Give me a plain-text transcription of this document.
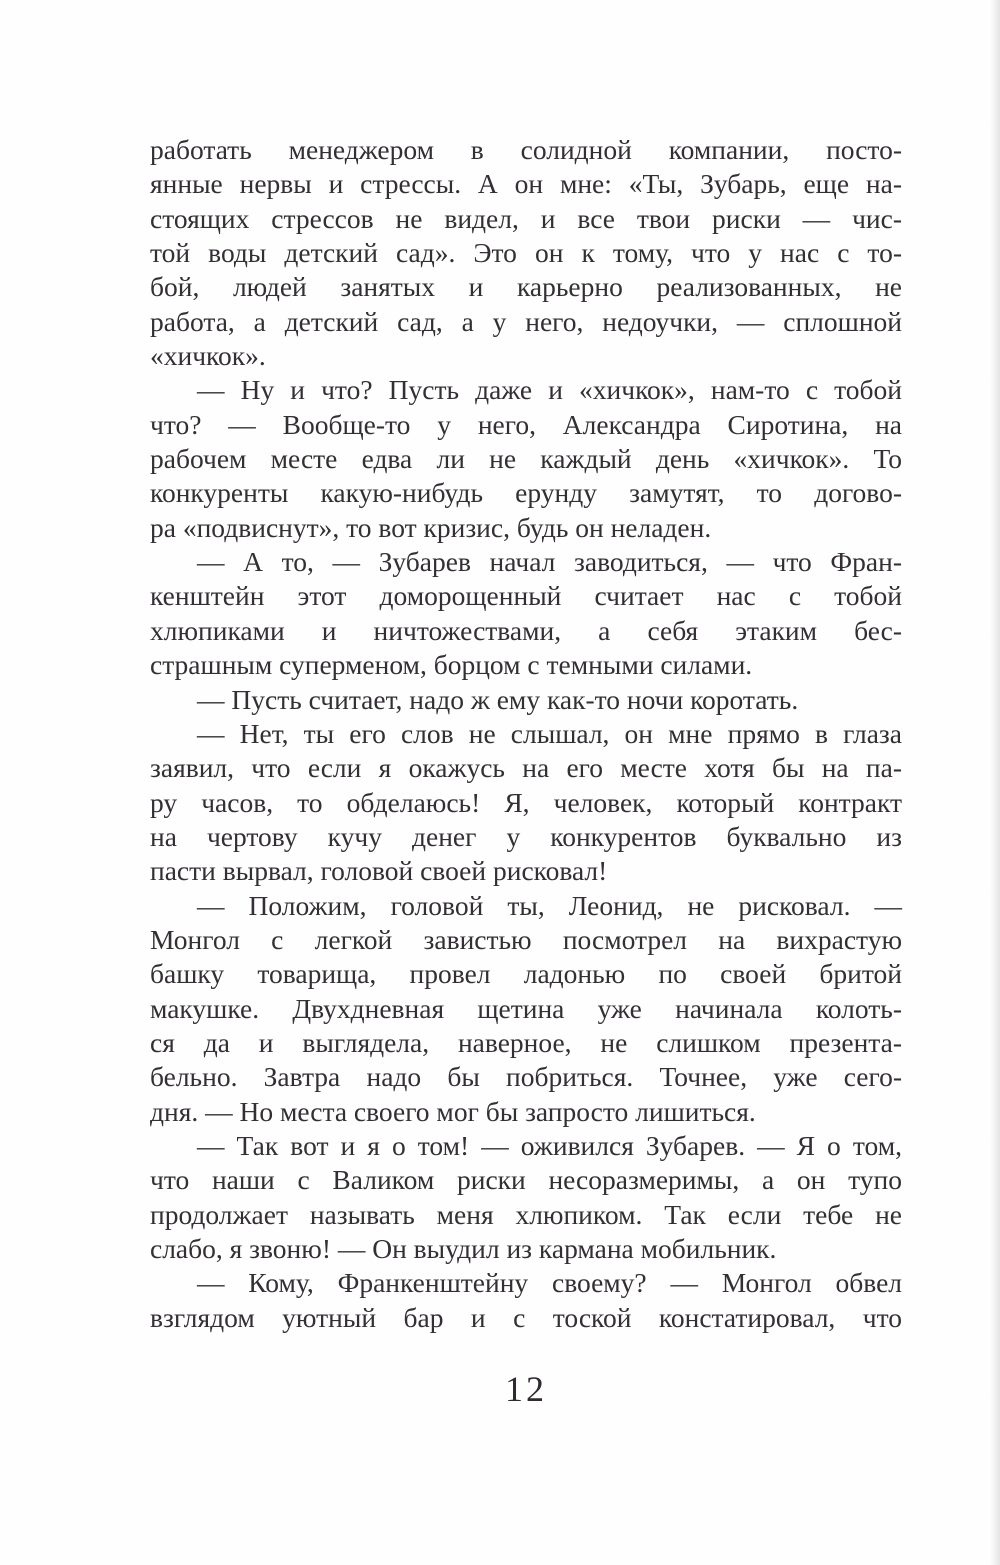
работать менеджером в солидной компании, посто-
янные нервы и стрессы. А он мне: «Ты, Зубарь, еще на-
стоящих стрессов не видел, и все твои риски — чис-
той воды детский сад». Это он к тому, что у нас с то-
бой, людей занятых и карьерно реализованных, не
работа, а детский сад, а у него, недоучки, — сплошной
«хичкок».
— Ну и что? Пусть даже и «хичкок», нам-то с тобой
что? — Вообще-то у него, Александра Сиротина, на
рабочем месте едва ли не каждый день «хичкок». То
конкуренты какую-нибудь ерунду замутят, то догово-
ра «подвиснут», то вот кризис, будь он неладен.
— А то, — Зубарев начал заводиться, — что Фран-
кенштейн этот доморощенный считает нас с тобой
хлюпиками и ничтожествами, а себя этаким бес-
страшным суперменом, борцом с темными силами.
— Пусть считает, надо ж ему как-то ночи коротать.
— Нет, ты его слов не слышал, он мне прямо в глаза
заявил, что если я окажусь на его месте хотя бы на па-
ру часов, то обделаюсь! Я, человек, который контракт
на чертову кучу денег у конкурентов буквально из
пасти вырвал, головой своей рисковал!
— Положим, головой ты, Леонид, не рисковал. —
Монгол с легкой завистью посмотрел на вихрастую
башку товарища, провел ладонью по своей бритой
макушке. Двухдневная щетина уже начинала колоть-
ся да и выглядела, наверное, не слишком презента-
бельно. Завтра надо бы побриться. Точнее, уже сего-
дня. — Но места своего мог бы запросто лишиться.
— Так вот и я о том! — оживился Зубарев. — Я о том,
что наши с Валиком риски несоразмеримы, а он тупо
продолжает называть меня хлюпиком. Так если тебе не
слабо, я звоню! — Он выудил из кармана мобильник.
— Кому, Франкенштейну своему? — Монгол обвел
взглядом уютный бар и с тоской констатировал, что
12
